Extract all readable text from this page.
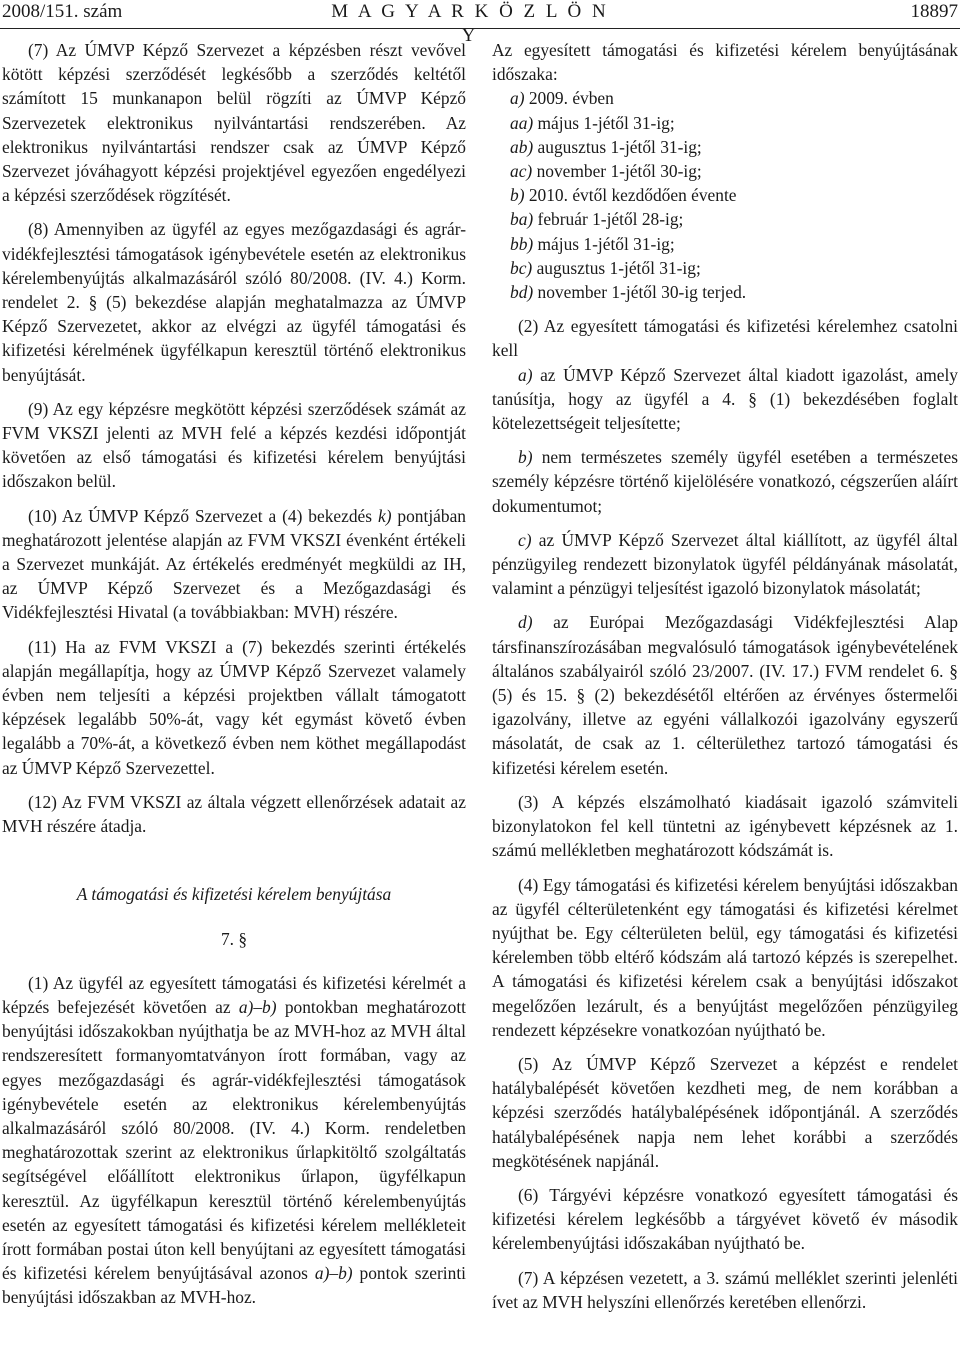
2008/151. szám	M A G Y A R K Ö Z L Ö N Y
18897

(7) Az ÚMVP Képző Szervezet a képzésben részt vevővel kötött képzési szerződését legkésőbb a szerződés keltétől számított 15 munkanapon belül rögzíti az ÚMVP Képző Szervezetek elektronikus nyilvántartási rendszerében. Az elektronikus nyilvántartási rendszer csak az ÚMVP Képző Szervezet jóváhagyott képzési projektjével egyezően engedélyezi a képzési szerződések rögzítését.

(8) Amennyiben az ügyfél az egyes mezőgazdasági és agrár-vidékfejlesztési támogatások igénybevétele esetén az elektronikus kérelembenyújtás alkalmazásáról szóló 80/2008. (IV. 4.) Korm. rendelet 2. § (5) bekezdése alapján meghatalmazza az ÚMVP Képző Szervezetet, akkor az elvégzi az ügyfél támogatási és kifizetési kérelmének ügyfélkapun keresztül történő elektronikus benyújtását.

(9) Az egy képzésre megkötött képzési szerződések számát az FVM VKSZI jelenti az MVH felé a képzés kezdési időpontját követően az első támogatási és kifizetési kérelem benyújtási időszakon belül.

(10) Az ÚMVP Képző Szervezet a (4) bekezdés k) pontjában meghatározott jelentése alapján az FVM VKSZI évenként értékeli a Szervezet munkáját. Az értékelés eredményét megküldi az IH, az ÚMVP Képző Szervezet és a Mezőgazdasági és Vidékfejlesztési Hivatal (a továbbiakban: MVH) részére.

(11) Ha az FVM VKSZI a (7) bekezdés szerinti értékelés alapján megállapítja, hogy az ÚMVP Képző Szervezet valamely évben nem teljesíti a képzési projektben vállalt támogatott képzések legalább 50%-át, vagy két egymást követő évben legalább a 70%-át, a következő évben nem köthet megállapodást az ÚMVP Képző Szervezettel.

(12) Az FVM VKSZI az általa végzett ellenőrzések adatait az MVH részére átadja.

A támogatási és kifizetési kérelem benyújtása

7. §

(1) Az ügyfél az egyesített támogatási és kifizetési kérelmét a képzés befejezését követően az a)–b) pontokban meghatározott benyújtási időszakokban nyújthatja be az MVH-hoz az MVH által rendszeresített formanyomtatványon írott formában, vagy az egyes mezőgazdasági és agrár-vidékfejlesztési támogatások igénybevétele esetén az elektronikus kérelembenyújtás alkalmazásáról szóló 80/2008. (IV. 4.) Korm. rendeletben meghatározottak szerint az elektronikus űrlapkitöltő szolgáltatás segítségével előállított elektronikus űrlapon, ügyfélkapun keresztül. Az ügyfélkapun keresztül történő kérelembenyújtás esetén az egyesített támogatási és kifizetési kérelem mellékleteit írott formában postai úton kell benyújtani az egyesített támogatási és kifizetési kérelem benyújtásával azonos a)–b) pontok szerinti benyújtási időszakban az MVH-hoz.

Az egyesített támogatási és kifizetési kérelem benyújtásának időszaka:

a) 2009. évben

aa) május 1-jétől 31-ig;

ab) augusztus 1-jétől 31-ig;

ac) november 1-jétől 30-ig;

b) 2010. évtől kezdődően évente

ba) február 1-jétől 28-ig;

bb) május 1-jétől 31-ig;

bc) augusztus 1-jétől 31-ig;

bd) november 1-jétől 30-ig terjed.

(2) Az egyesített támogatási és kifizetési kérelemhez csatolni kell

a) az ÚMVP Képző Szervezet által kiadott igazolást, amely tanúsítja, hogy az ügyfél a 4. § (1) bekezdésében foglalt kötelezettségeit teljesítette;

b) nem természetes személy ügyfél esetében a természetes személy képzésre történő kijelölésére vonatkozó, cégszerűen aláírt dokumentumot;

c) az ÚMVP Képző Szervezet által kiállított, az ügyfél által pénzügyileg rendezett bizonylatok ügyfél példányának másolatát, valamint a pénzügyi teljesítést igazoló bizonylatok másolatát;

d) az Európai Mezőgazdasági Vidékfejlesztési Alap társfinanszírozásában megvalósuló támogatások igénybevételének általános szabályairól szóló 23/2007. (IV. 17.) FVM rendelet 6. § (5) és 15. § (2) bekezdésétől eltérően az érvényes őstermelői igazolvány, illetve az egyéni vállalkozói igazolvány egyszerű másolatát, de csak az 1. célterülethez tartozó támogatási és kifizetési kérelem esetén.

(3) A képzés elszámolható kiadásait igazoló számviteli bizonylatokon fel kell tüntetni az igénybevett képzésnek az 1. számú mellékletben meghatározott kódszámát is.

(4) Egy támogatási és kifizetési kérelem benyújtási időszakban az ügyfél célterületenként egy támogatási és kifizetési kérelmet nyújthat be. Egy célterületen belül, egy támogatási és kifizetési kérelemben több eltérő kódszám alá tartozó képzés is szerepelhet. A támogatási és kifizetési kérelem csak a benyújtási időszakot megelőzően lezárult, és a benyújtást megelőzően pénzügyileg rendezett képzésekre vonatkozóan nyújtható be.

(5) Az ÚMVP Képző Szervezet a képzést e rendelet hatálybalépését követően kezdheti meg, de nem korábban a képzési szerződés hatálybalépésének időpontjánál. A szerződés hatálybalépésének napja nem lehet korábbi a szerződés megkötésének napjánál.

(6) Tárgyévi képzésre vonatkozó egyesített támogatási és kifizetési kérelem legkésőbb a tárgyévet követő év második kérelembenyújtási időszakában nyújtható be.

(7) A képzésen vezetett, a 3. számú melléklet szerinti jelenléti ívet az MVH helyszíni ellenőrzés keretében ellenőrzi.
